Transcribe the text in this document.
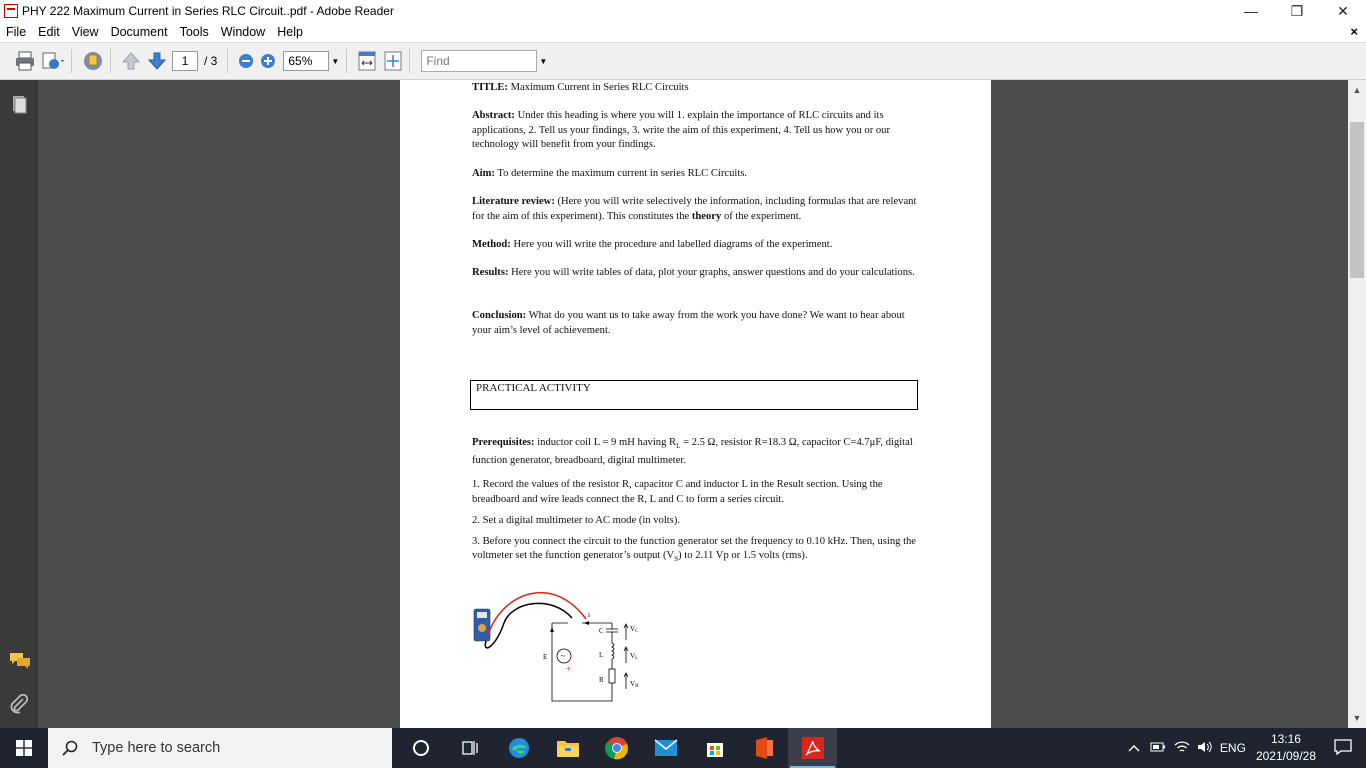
PHY 222 Maximum Current in Series RLC Circuit..pdf - Adobe Reader	—	❐	✕
File Edit View Document Tools Window Help	×
1	/ 3	65%	▼	Find	▼

TITLE: Maximum Current in Series RLC Circuits

Abstract: Under this heading is where you will 1. explain the importance of RLC circuits and its applications, 2. Tell us your findings, 3. write the aim of this experiment, 4. Tell us how you or our technology will benefit from your findings.

Aim: To determine the maximum current in series RLC Circuits.

Literature review: (Here you will write selectively the information, including formulas that are relevant for the aim of this experiment). This constitutes the theory of the experiment.

Method: Here you will write the procedure and labelled diagrams of the experiment.

Results: Here you will write tables of data, plot your graphs, answer questions and do your calculations.

Conclusion: What do you want us to take away from the work you have done? We want to hear about your aim’s level of achievement.

PRACTICAL ACTIVITY

Prerequisites: inductor coil L = 9 mH having $R_L = 2.5$ Ω, resistor R=18.3 Ω, capacitor C=4.7μF, digital function generator, breadboard, digital multimeter.

1. Record the values of the resistor R, capacitor C and inductor L in the Result section. Using the breadboard and wire leads connect the R, L and C to form a series circuit.

2. Set a digital multimeter to AC mode (in volts).

3. Before you connect the circuit to the function generator set the frequency to 0.10 kHz. Then, using the voltmeter set the function generator’s output $(V_S)$ to 2.11 Vp or 1.5 volts (rms).

~
+
E
i
C
L
R
VC
VL
VR
▲
▼
Type here to search	ENG
13:16
2021/09/28
